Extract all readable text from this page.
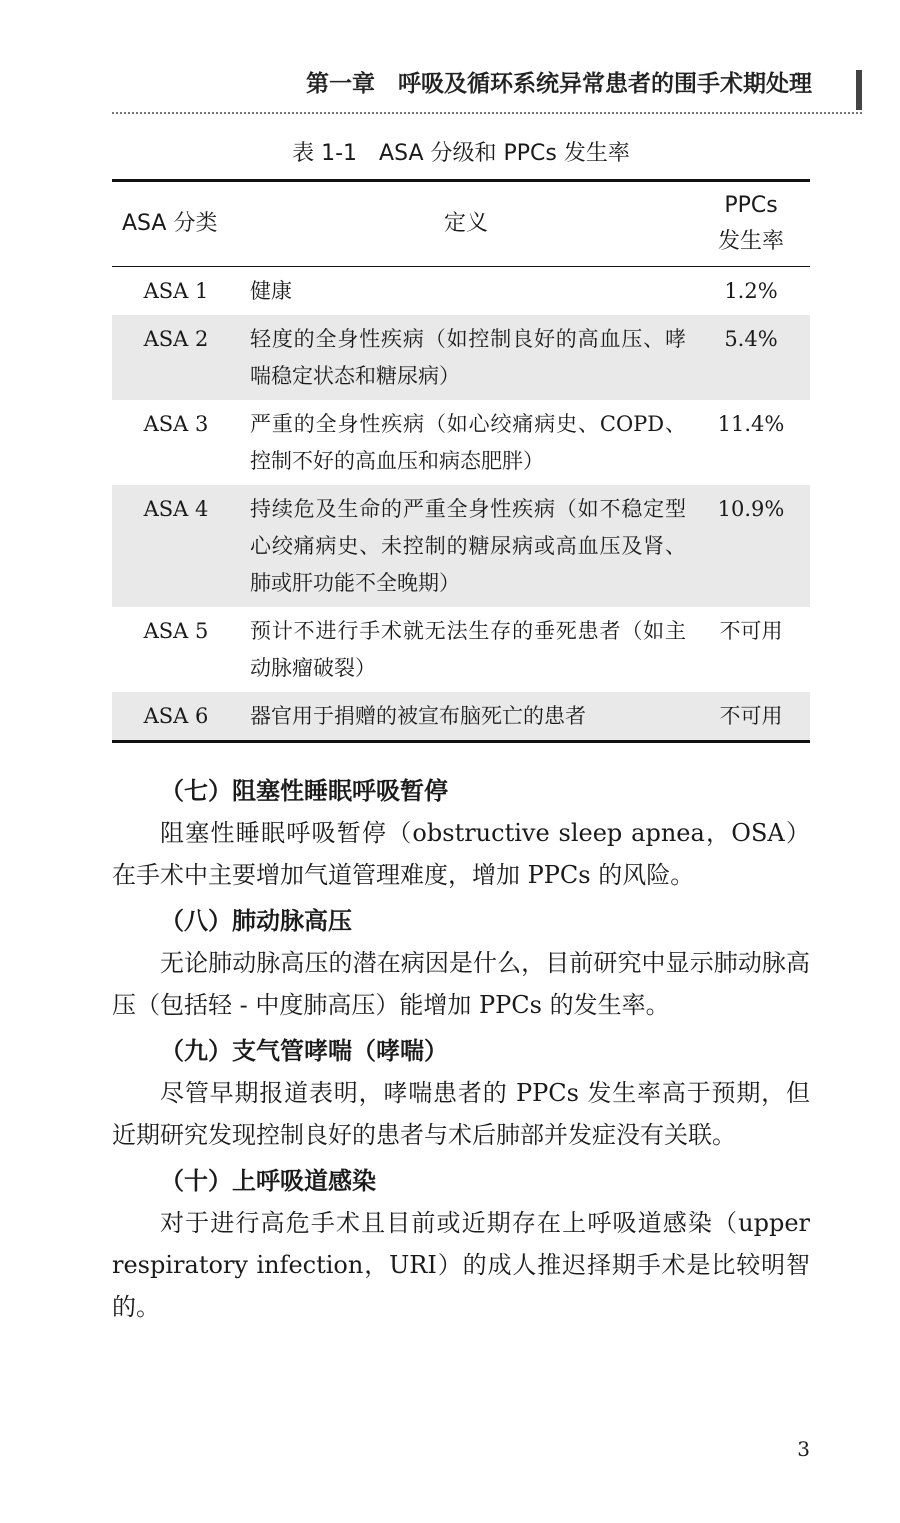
第一章　呼吸及循环系统异常患者的围手术期处理
表 1-1　ASA 分级和 PPCs 发生率
ASA 分类	定义	PPCs
发生率

ASA 1	健康	1.2%
ASA 2	轻度的全身性疾病（如控制良好的高血压、哮喘稳定状态和糖尿病）	5.4%
ASA 3	严重的全身性疾病（如心绞痛病史、COPD、控制不好的高血压和病态肥胖）	11.4%
ASA 4	持续危及生命的严重全身性疾病（如不稳定型心绞痛病史、未控制的糖尿病或高血压及肾、肺或肝功能不全晚期）	10.9%
ASA 5	预计不进行手术就无法生存的垂死患者（如主动脉瘤破裂）	不可用
ASA 6	器官用于捐赠的被宣布脑死亡的患者	不可用
（七）阻塞性睡眠呼吸暂停

阻塞性睡眠呼吸暂停（obstructive sleep apnea，OSA）在手术中主要增加气道管理难度，增加 PPCs 的风险。

（八）肺动脉高压

无论肺动脉高压的潜在病因是什么，目前研究中显示肺动脉高压（包括轻 - 中度肺高压）能增加 PPCs 的发生率。

（九）支气管哮喘（哮喘）

尽管早期报道表明，哮喘患者的 PPCs 发生率高于预期，但近期研究发现控制良好的患者与术后肺部并发症没有关联。

（十）上呼吸道感染

对于进行高危手术且目前或近期存在上呼吸道感染（upper respiratory infection，URI）的成人推迟择期手术是比较明智的。

3
